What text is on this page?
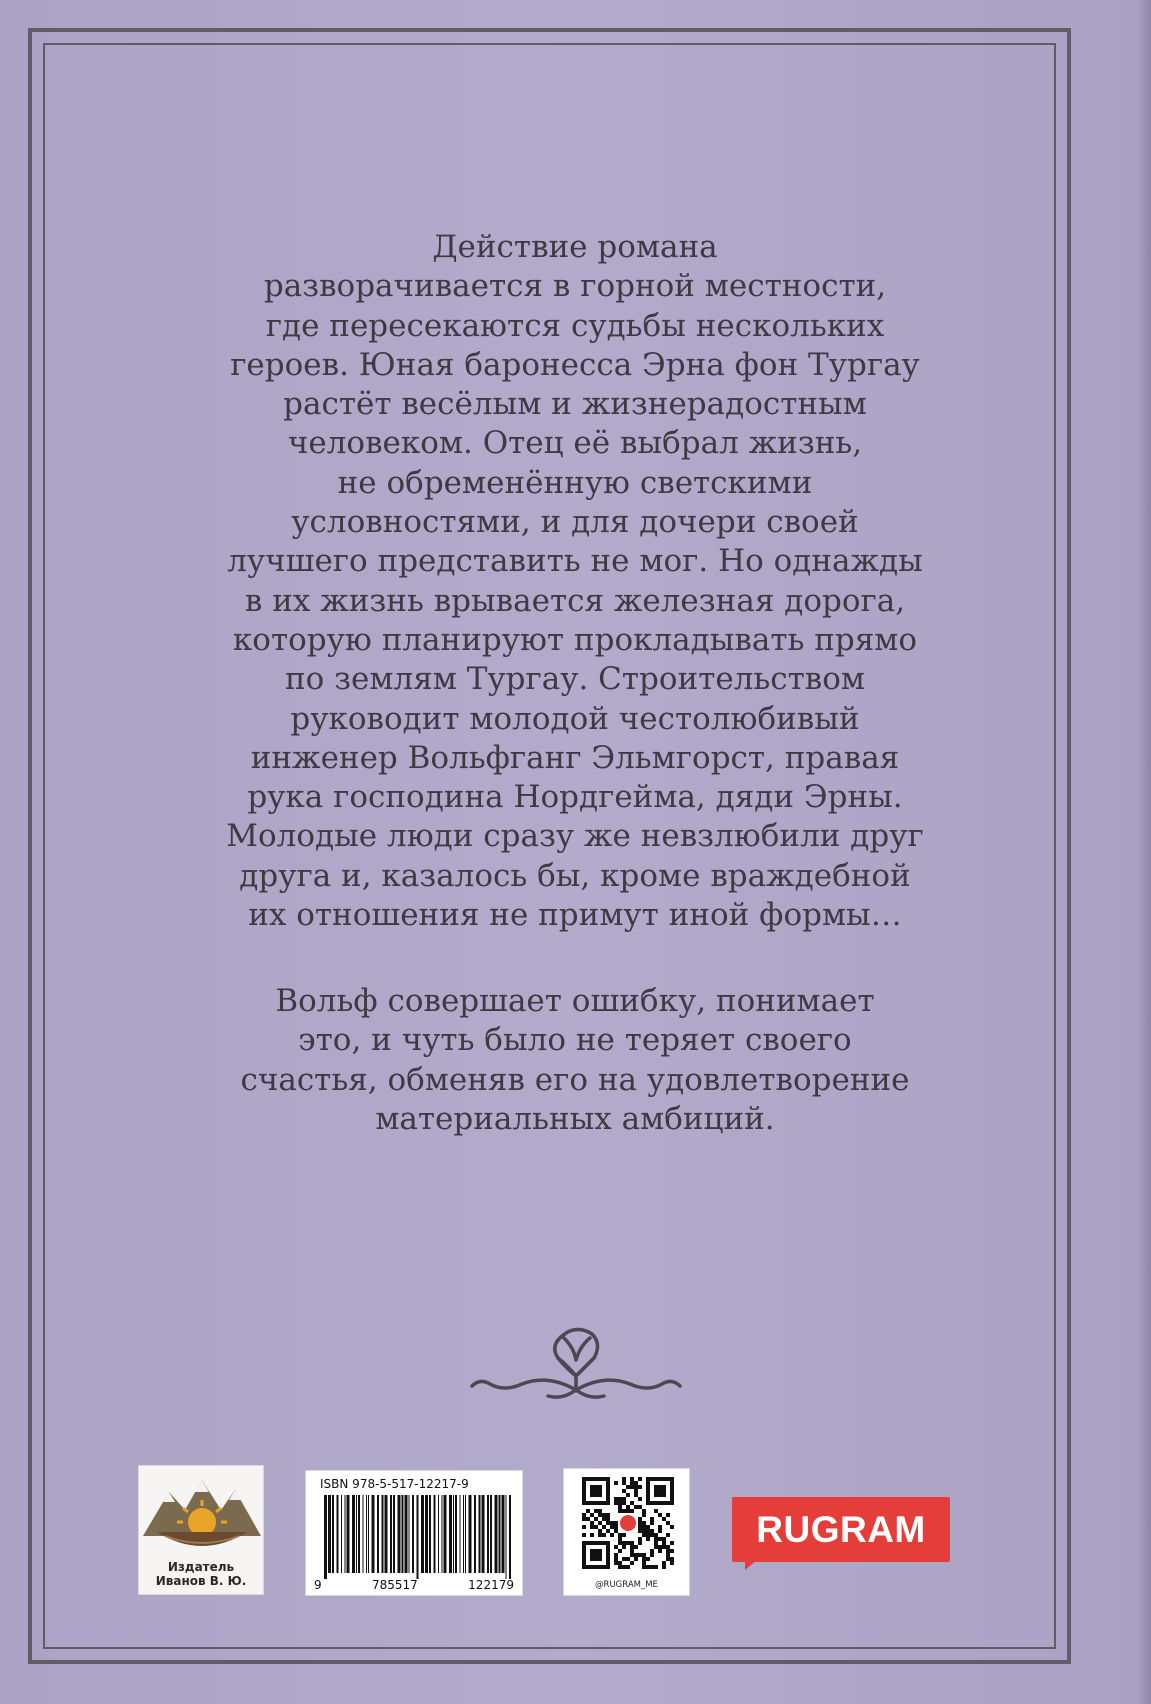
Действие романа

разворачивается в горной местности,

где пересекаются судьбы нескольких

героев. Юная баронесса Эрна фон Тургау

растёт весёлым и жизнерадостным

человеком. Отец её выбрал жизнь,

не обременённую светскими

условностями, и для дочери своей

лучшего представить не мог. Но однажды

в их жизнь врывается железная дорога,

которую планируют прокладывать прямо

по землям Тургау. Строительством

руководит молодой честолюбивый

инженер Вольфганг Эльмгорст, правая

рука господина Нордгейма, дяди Эрны.

Молодые люди сразу же невзлюбили друг

друга и, казалось бы, кроме враждебной

их отношения не примут иной формы…

Вольф совершает ошибку, понимает

это, и чуть было не теряет своего

счастья, обменяв его на удовлетворение

материальных амбиций.

Издатель
Иванов В. Ю.
ISBN 978-5-517-12217-9
9	785517	122179	@RUGRAM_ME
RUGRAM
